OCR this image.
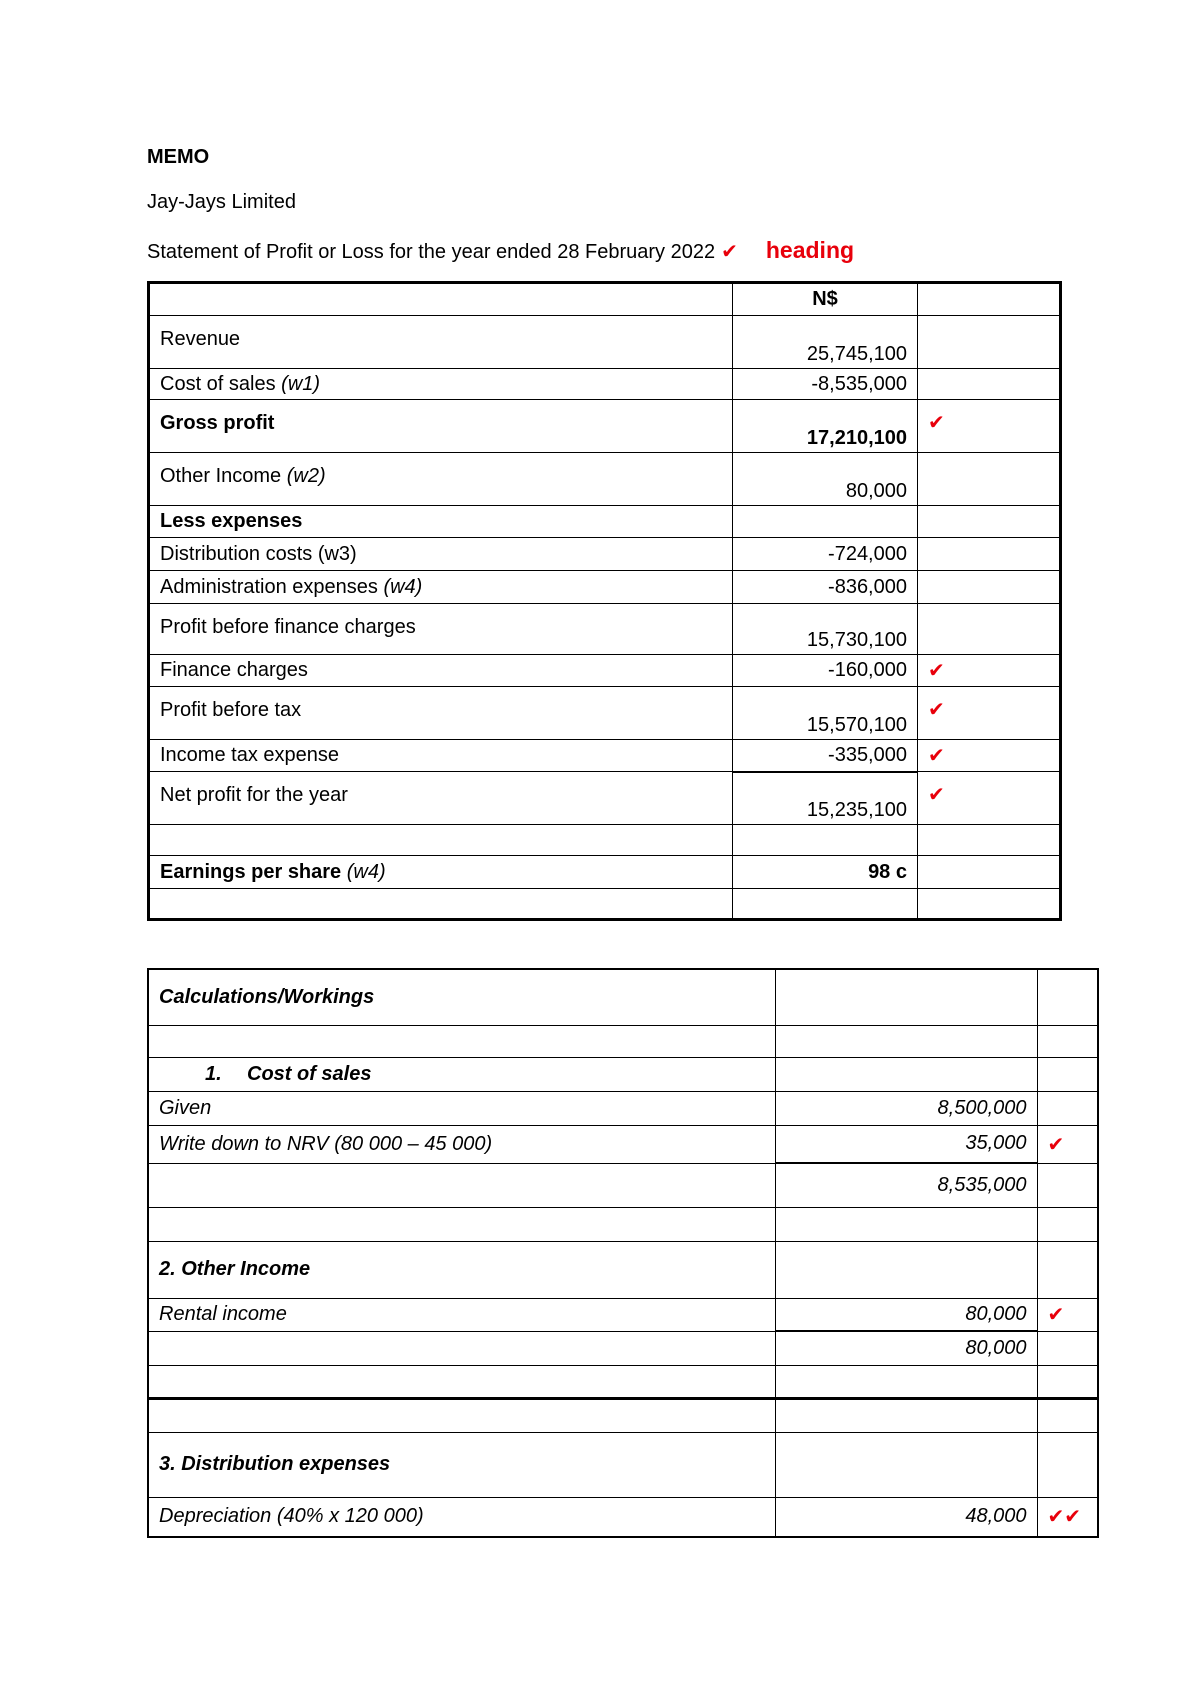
MEMO
Jay-Jays Limited
Statement of Profit or Loss for the year ended 28 February 2022 ✔ heading
	N$	
Revenue	25,745,100	
Cost of sales (w1)	-8,535,000	
Gross profit	17,210,100	✔
Other Income (w2)	80,000	
Less expenses		
Distribution costs (w3)	-724,000	
Administration expenses (w4)	-836,000	
Profit before finance charges	15,730,100	
Finance charges	-160,000	✔
Profit before tax	15,570,100	✔
Income tax expense	-335,000	✔
Net profit for the year	15,235,100	✔

Earnings per share (w4)	98 c	

Calculations/Workings		

1. Cost of sales		
Given	8,500,000	
Write down to NRV (80 000 – 45 000)	35,000	✔
	8,535,000	

2. Other Income		
Rental income	80,000	✔
	80,000	

3. Distribution expenses		
Depreciation (40% x 120 000)	48,000	✔✔
